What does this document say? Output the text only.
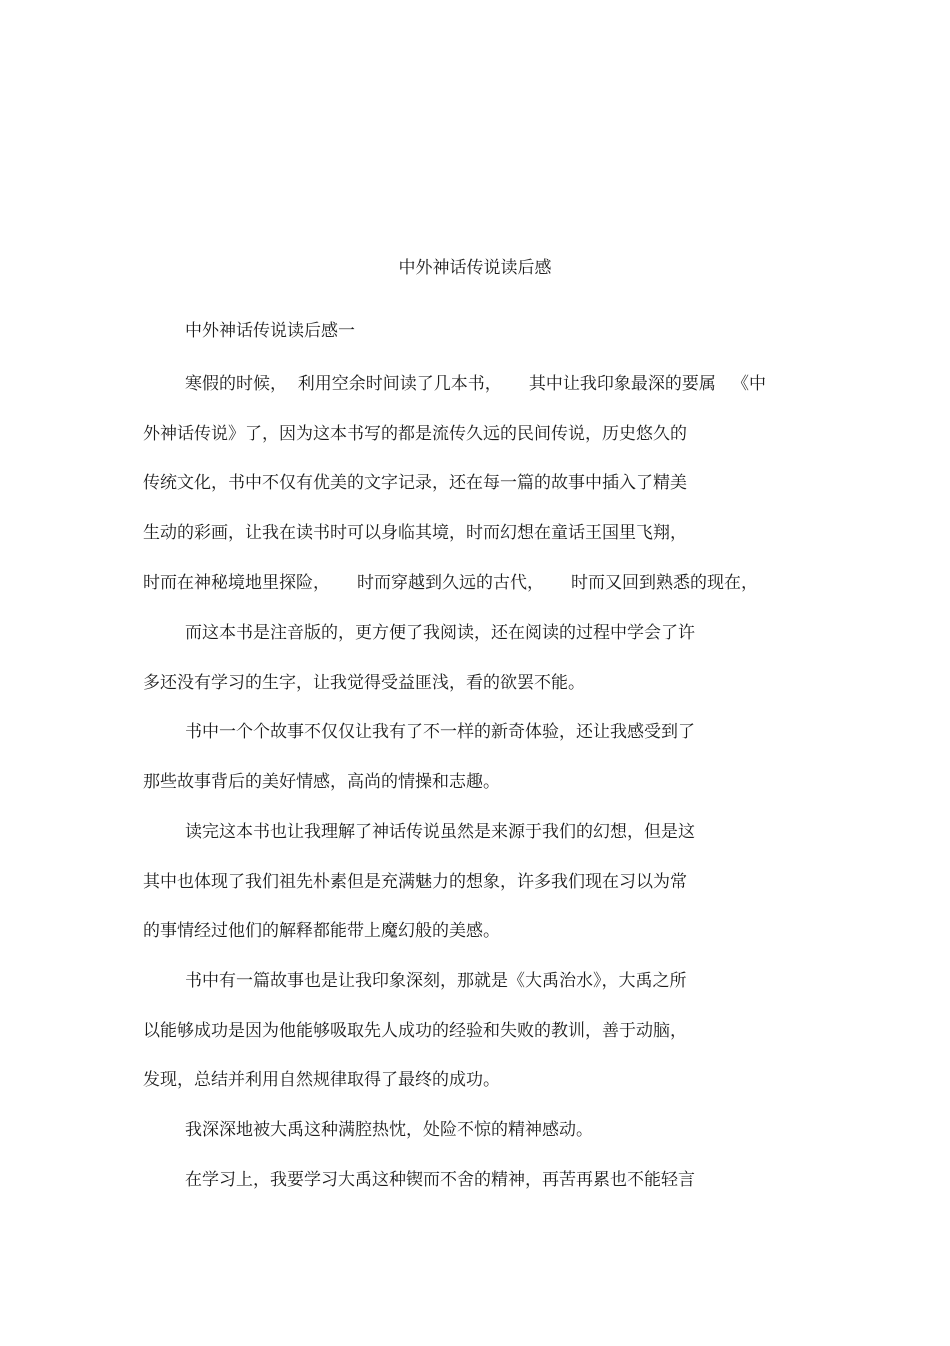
中外神话传说读后感
中外神话传说读后感一
寒假的时候，  利用空余时间读了几本书，     其中让我印象最深的要属   《中
外神话传说》了，因为这本书写的都是流传久远的民间传说，历史悠久的
传统文化，书中不仅有优美的文字记录，还在每一篇的故事中插入了精美
生动的彩画，让我在读书时可以身临其境，时而幻想在童话王国里飞翔，
时而在神秘境地里探险，     时而穿越到久远的古代，     时而又回到熟悉的现在，
而这本书是注音版的，更方便了我阅读，还在阅读的过程中学会了许
多还没有学习的生字，让我觉得受益匪浅，看的欲罢不能。
书中一个个故事不仅仅让我有了不一样的新奇体验，还让我感受到了
那些故事背后的美好情感，高尚的情操和志趣。
读完这本书也让我理解了神话传说虽然是来源于我们的幻想，但是这
其中也体现了我们祖先朴素但是充满魅力的想象，许多我们现在习以为常
的事情经过他们的解释都能带上魔幻般的美感。
书中有一篇故事也是让我印象深刻，那就是《大禹治水》，大禹之所
以能够成功是因为他能够吸取先人成功的经验和失败的教训，善于动脑，
发现，总结并利用自然规律取得了最终的成功。
我深深地被大禹这种满腔热忱，处险不惊的精神感动。
在学习上，我要学习大禹这种锲而不舍的精神，再苦再累也不能轻言
